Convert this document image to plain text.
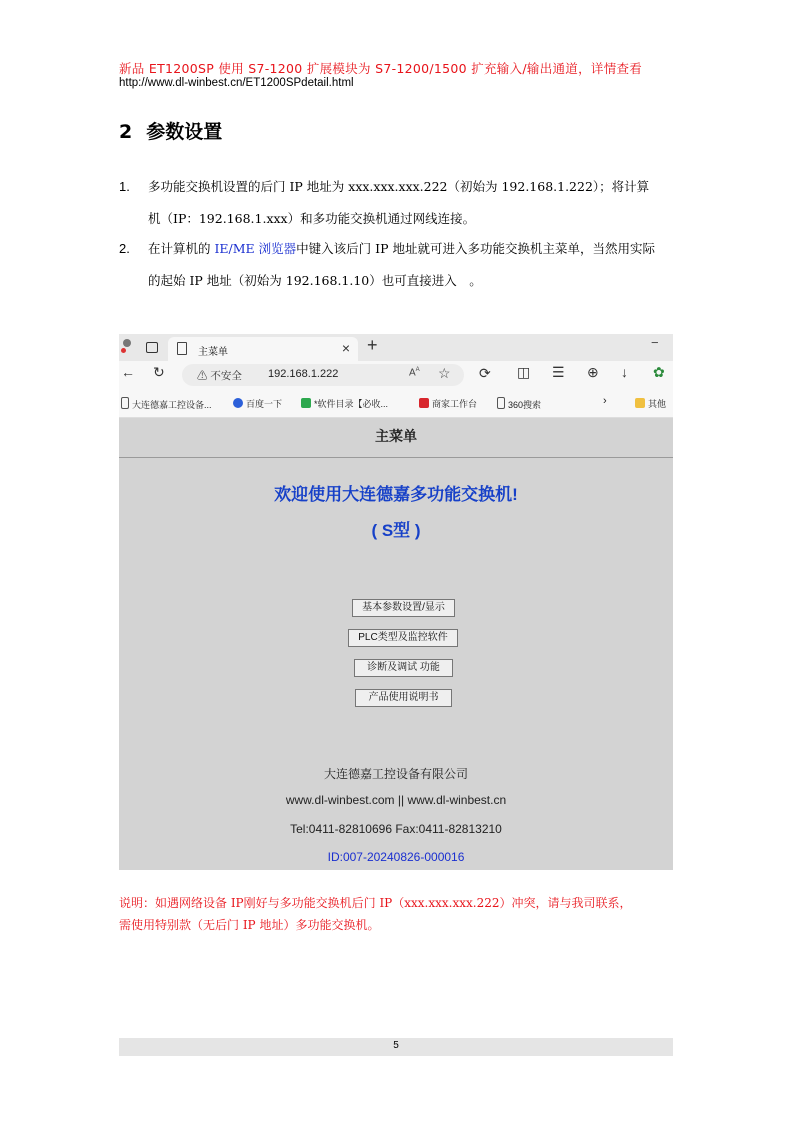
新品 ET1200SP 使用 S7-1200 扩展模块为 S7-1200/1500 扩充输入/输出通道，详情查看
http://www.dl-winbest.cn/ET1200SPdetail.html
2 参数设置
1. 多功能交换机设置的后门 IP 地址为 xxx.xxx.xxx.222（初始为 192.168.1.222）；将计算
机（IP：192.168.1.xxx）和多功能交换机通过网线连接。
2. 在计算机的 IE/ME 浏览器中键入该后门 IP 地址就可进入多功能交换机主菜单，当然用实际
的起始 IP 地址（初始为 192.168.1.10）也可直接进入　。
主菜单	× +	−
← ↻	⚠ 不安全 192.168.1.222	$A^A$ ☆ ⟳ ◫ ☰ ⊕ ↓ ✿
大连德嘉工控设备...	百度一下	*软件目录【必收...	商家工作台	360搜索	›	其他
主菜单
欢迎使用大连德嘉多功能交换机!
( S型 )
基本参数设置/显示
PLC类型及监控软件
诊断及调试 功能
产品使用说明书
大连德嘉工控设备有限公司
www.dl-winbest.com || www.dl-winbest.cn
Tel:0411-82810696 Fax:0411-82813210
ID:007-20240826-000016
说明：如遇网络设备 IP刚好与多功能交换机后门 IP（xxx.xxx.xxx.222）冲突，请与我司联系，
需使用特别款（无后门 IP 地址）多功能交换机。
5
